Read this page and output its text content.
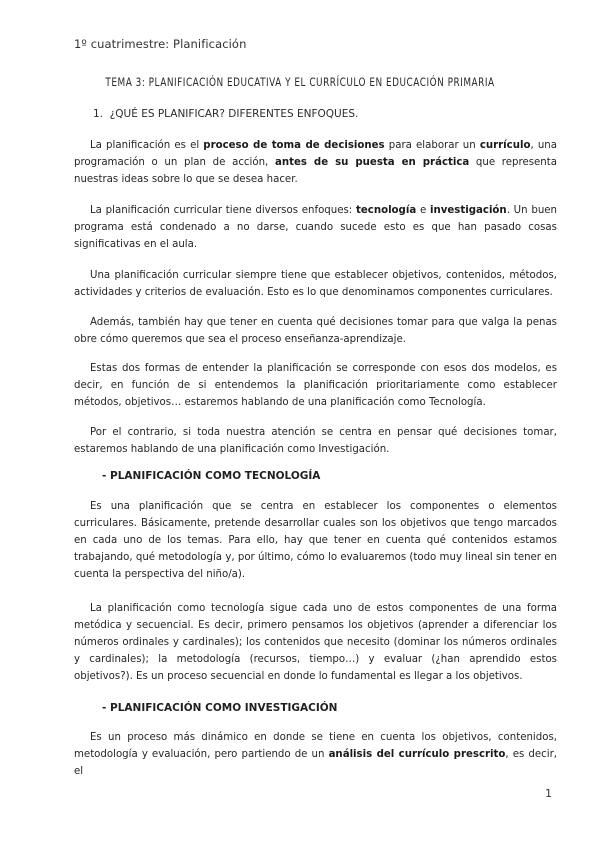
1º cuatrimestre: Planificación
TEMA 3: PLANIFICACIÓN EDUCATIVA Y EL CURRÍCULO EN EDUCACIÓN PRIMARIA
1. ¿QUÉ ES PLANIFICAR? DIFERENTES ENFOQUES.

La planificación es el proceso de toma de decisiones para elaborar un currículo, una programación o un plan de acción, antes de su puesta en práctica que representa nuestras ideas sobre lo que se desea hacer.

La planificación curricular tiene diversos enfoques: tecnología e investigación. Un buen programa está condenado a no darse, cuando sucede esto es que han pasado cosas significativas en el aula.

Una planificación curricular siempre tiene que establecer objetivos, contenidos, métodos, actividades y criterios de evaluación. Esto es lo que denominamos componentes curriculares.

Además, también hay que tener en cuenta qué decisiones tomar para que valga la penas obre cómo queremos que sea el proceso enseñanza-aprendizaje.

Estas dos formas de entender la planificación se corresponde con esos dos modelos, es decir, en función de si entendemos la planificación prioritariamente como establecer métodos, objetivos… estaremos hablando de una planificación como Tecnología.

Por el contrario, si toda nuestra atención se centra en pensar qué decisiones tomar, estaremos hablando de una planificación como Investigación.

- PLANIFICACIÓN COMO TECNOLOGÍA

Es una planificación que se centra en establecer los componentes o elementos curriculares. Básicamente, pretende desarrollar cuales son los objetivos que tengo marcados en cada uno de los temas. Para ello, hay que tener en cuenta qué contenidos estamos trabajando, qué metodología y, por último, cómo lo evaluaremos (todo muy lineal sin tener en cuenta la perspectiva del niño/a).

La planificación como tecnología sigue cada uno de estos componentes de una forma metódica y secuencial. Es decir, primero pensamos los objetivos (aprender a diferenciar los números ordinales y cardinales); los contenidos que necesito (dominar los números ordinales y cardinales); la metodología (recursos, tiempo…) y evaluar (¿han aprendido estos objetivos?). Es un proceso secuencial en donde lo fundamental es llegar a los objetivos.

- PLANIFICACIÓN COMO INVESTIGACIÓN

Es un proceso más dinámico en donde se tiene en cuenta los objetivos, contenidos, metodología y evaluación, pero partiendo de un análisis del currículo prescrito, es decir, el

1
